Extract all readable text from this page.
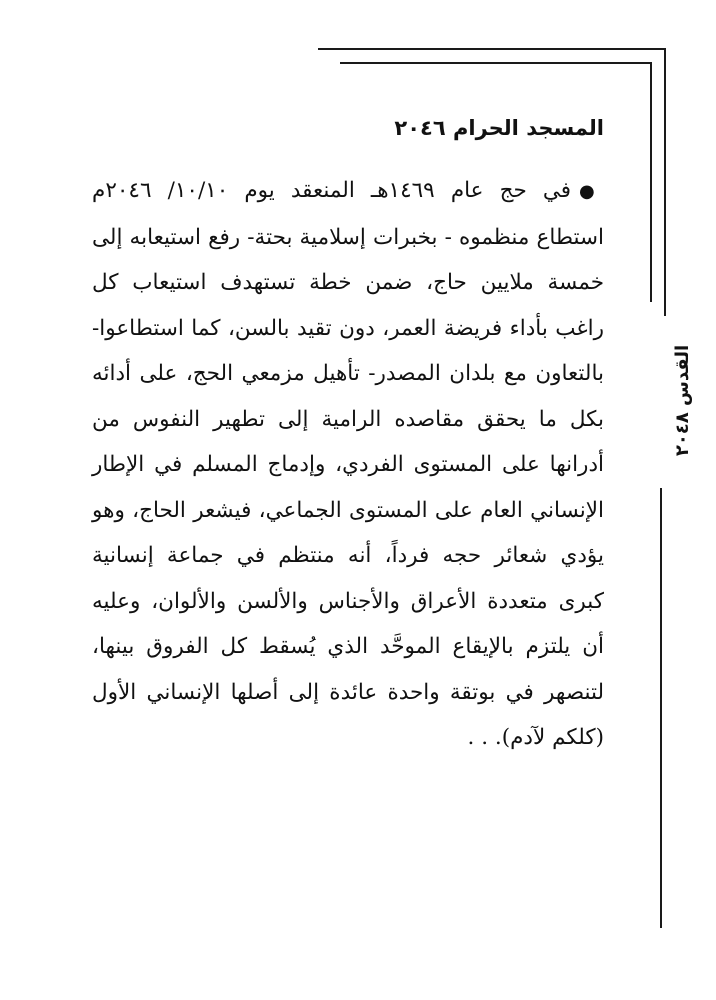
المسجد الحرام ٢٠٤٦

●في حج عام ١٤٦٩هـ المنعقد يوم ١٠/١٠/ ٢٠٤٦م استطاع منظموه - بخبرات إسلامية بحتة- رفع استيعابه إلى خمسة ملايين حاج، ضمن خطة تستهدف استيعاب كل راغب بأداء فريضة العمر، دون تقيد بالسن، كما استطاعوا- بالتعاون مع بلدان المصدر- تأهيل مزمعي الحج، على أدائه بكل ما يحقق مقاصده الرامية إلى تطهير النفوس من أدرانها على المستوى الفردي، وإدماج المسلم في الإطار الإنساني العام على المستوى الجماعي، فيشعر الحاج، وهو يؤدي شعائر حجه فرداً، أنه منتظم في جماعة إنسانية كبرى متعددة الأعراق والأجناس والألسن والألوان، وعليه أن يلتزم بالإيقاع الموحَّد الذي يُسقط كل الفروق بينها، لتنصهر في بوتقة واحدة عائدة إلى أصلها الإنساني الأول (كلكم لآدم). . .

القدس ٢٠٤٨
